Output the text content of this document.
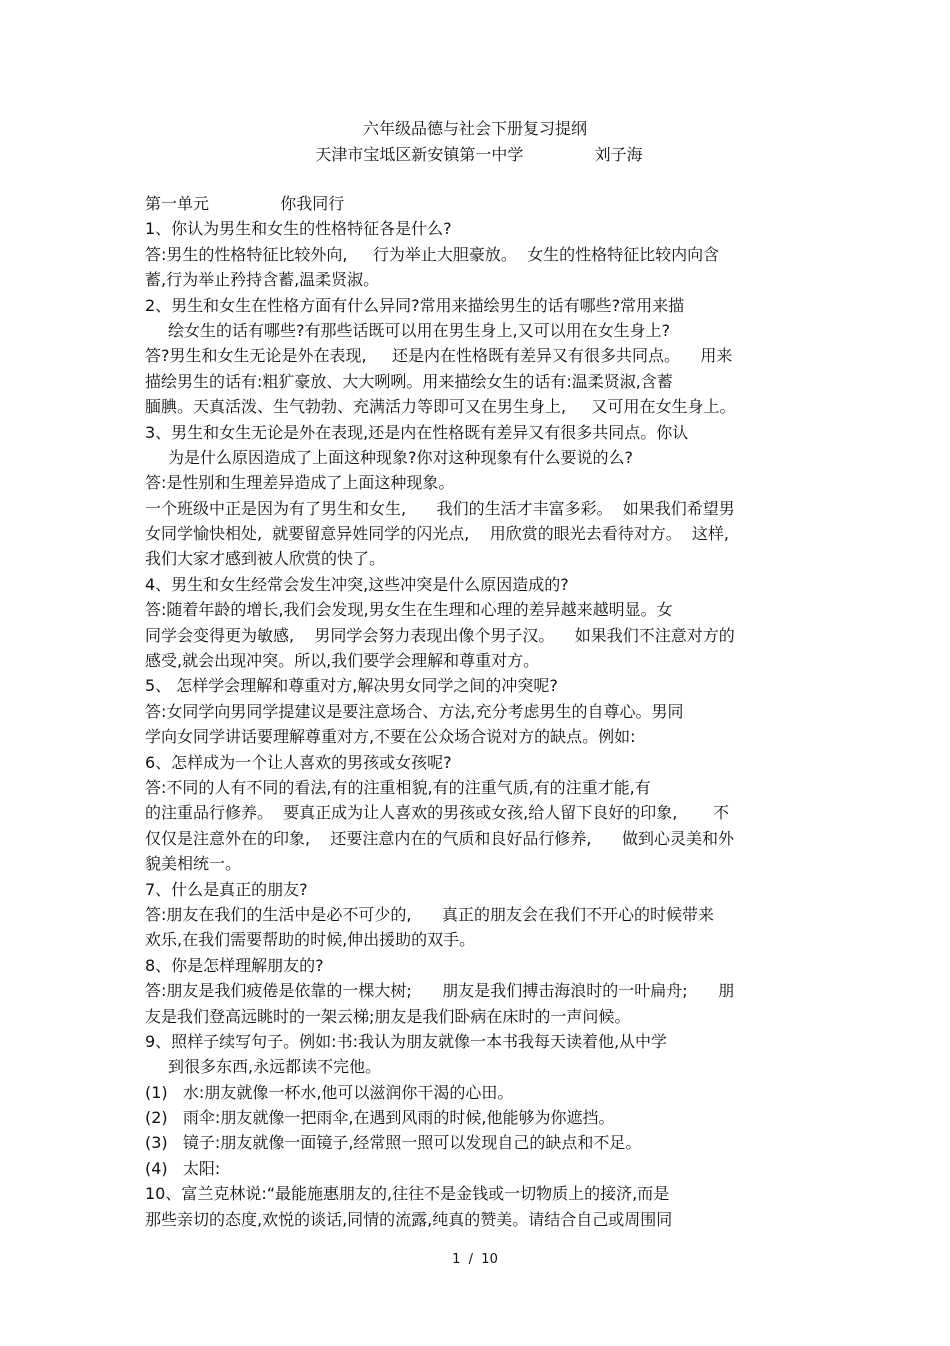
六年级品德与社会下册复习提纲
天津市宝坻区新安镇第一中学              刘子海
第一单元              你我同行
1、你认为男生和女生的性格特征各是什么?
答:男生的性格特征比较外向,     行为举止大胆豪放。  女生的性格特征比较内向含
蓄,行为举止矜持含蓄,温柔贤淑。
2、男生和女生在性格方面有什么异同?常用来描绘男生的话有哪些?常用来描
绘女生的话有哪些?有那些话既可以用在男生身上,又可以用在女生身上?
答?男生和女生无论是外在表现,     还是内在性格既有差异又有很多共同点。    用来
描绘男生的话有:粗犷豪放、大大咧咧。用来描绘女生的话有:温柔贤淑,含蓄
腼腆。天真活泼、生气勃勃、充满活力等即可又在男生身上,     又可用在女生身上。
3、男生和女生无论是外在表现,还是内在性格既有差异又有很多共同点。你认
为是什么原因造成了上面这种现象?你对这种现象有什么要说的么?
答:是性别和生理差异造成了上面这种现象。
一个班级中正是因为有了男生和女生,      我们的生活才丰富多彩。  如果我们希望男
女同学愉快相处,  就要留意异姓同学的闪光点,    用欣赏的眼光去看待对方。  这样,
我们大家才感到被人欣赏的快了。
4、男生和女生经常会发生冲突,这些冲突是什么原因造成的?
答:随着年龄的增长,我们会发现,男女生在生理和心理的差异越来越明显。女
同学会变得更为敏感,    男同学会努力表现出像个男子汉。    如果我们不注意对方的
感受,就会出现冲突。所以,我们要学会理解和尊重对方。
5、 怎样学会理解和尊重对方,解决男女同学之间的冲突呢?
答:女同学向男同学提建议是要注意场合、方法,充分考虑男生的自尊心。男同
学向女同学讲话要理解尊重对方,不要在公众场合说对方的缺点。例如:
6、怎样成为一个让人喜欢的男孩或女孩呢?
答:不同的人有不同的看法,有的注重相貌,有的注重气质,有的注重才能,有
的注重品行修养。  要真正成为让人喜欢的男孩或女孩,给人留下良好的印象,       不
仅仅是注意外在的印象,    还要注意内在的气质和良好品行修养,      做到心灵美和外
貌美相统一。
7、什么是真正的朋友?
答:朋友在我们的生活中是必不可少的,      真正的朋友会在我们不开心的时候带来
欢乐,在我们需要帮助的时候,伸出援助的双手。
8、你是怎样理解朋友的?
答:朋友是我们疲倦是依靠的一棵大树;      朋友是我们搏击海浪时的一叶扁舟;      朋
友是我们登高远眺时的一架云梯;朋友是我们卧病在床时的一声问候。
9、照样子续写句子。例如:书:我认为朋友就像一本书我每天读着他,从中学
到很多东西,永远都读不完他。
(1)   水:朋友就像一杯水,他可以滋润你干渴的心田。
(2)   雨伞:朋友就像一把雨伞,在遇到风雨的时候,他能够为你遮挡。
(3)   镜子:朋友就像一面镜子,经常照一照可以发现自己的缺点和不足。
(4)   太阳:
10、富兰克林说:“最能施惠朋友的,往往不是金钱或一切物质上的接济,而是
那些亲切的态度,欢悦的谈话,同情的流露,纯真的赞美。请结合自己或周围同
1  /  10
